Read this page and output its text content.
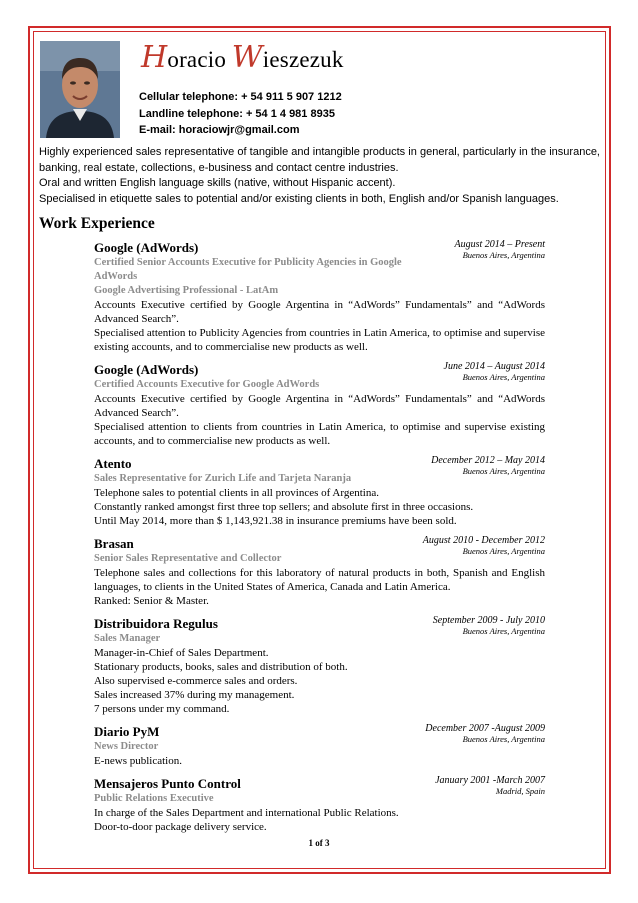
Horacio Wieszezuk
Cellular telephone: + 54 911 5 907 1212
Landline telephone: + 54 1 4 981 8935
E-mail: horaciowjr@gmail.com

Highly experienced sales representative of tangible and intangible products in general, particularly in the insurance, banking, real estate, collections, e-business and contact centre industries.

Oral and written English language skills (native, without Hispanic accent).

Specialised in etiquette sales to potential and/or existing clients in both, English and/or Spanish languages.

Work Experience
August 2014 – Present
Buenos Aires, Argentina
Google (AdWords)
Certified Senior Accounts Executive for Publicity Agencies in Google AdWords
Google Advertising Professional - LatAm
Accounts Executive certified by Google Argentina in “AdWords” Fundamentals” and “AdWords Advanced Search”.
Specialised attention to Publicity Agencies from countries in Latin America, to optimise and supervise existing accounts, and to commercialise new products as well.
June 2014 – August 2014
Buenos Aires, Argentina
Google (AdWords)
Certified Accounts Executive for Google AdWords
Accounts Executive certified by Google Argentina in “AdWords” Fundamentals” and “AdWords Advanced Search”.
Specialised attention to clients from countries in Latin America, to optimise and supervise existing accounts, and to commercialise new products as well.
December 2012 – May 2014
Buenos Aires, Argentina
Atento
Sales Representative for Zurich Life and Tarjeta Naranja
Telephone sales to potential clients in all provinces of Argentina.
Constantly ranked amongst first three top sellers; and absolute first in three occasions.
Until May 2014, more than $ 1,143,921.38 in insurance premiums have been sold.
August 2010 - December 2012
Buenos Aires, Argentina
Brasan
Senior Sales Representative and Collector
Telephone sales and collections for this laboratory of natural products in both, Spanish and English languages, to clients in the United States of America, Canada and Latin America.
Ranked: Senior & Master.
September 2009 - July 2010
Buenos Aires, Argentina
Distribuidora Regulus
Sales Manager
Manager-in-Chief of Sales Department.
Stationary products, books, sales and distribution of both.
Also supervised e-commerce sales and orders.
Sales increased 37% during my management.
7 persons under my command.
December 2007 -August 2009
Buenos Aires, Argentina
Diario PyM
News Director
E-news publication.
January 2001 -March 2007
Madrid, Spain
Mensajeros Punto Control
Public Relations Executive
In charge of the Sales Department and international Public Relations.
Door-to-door package delivery service.
1 of 3
